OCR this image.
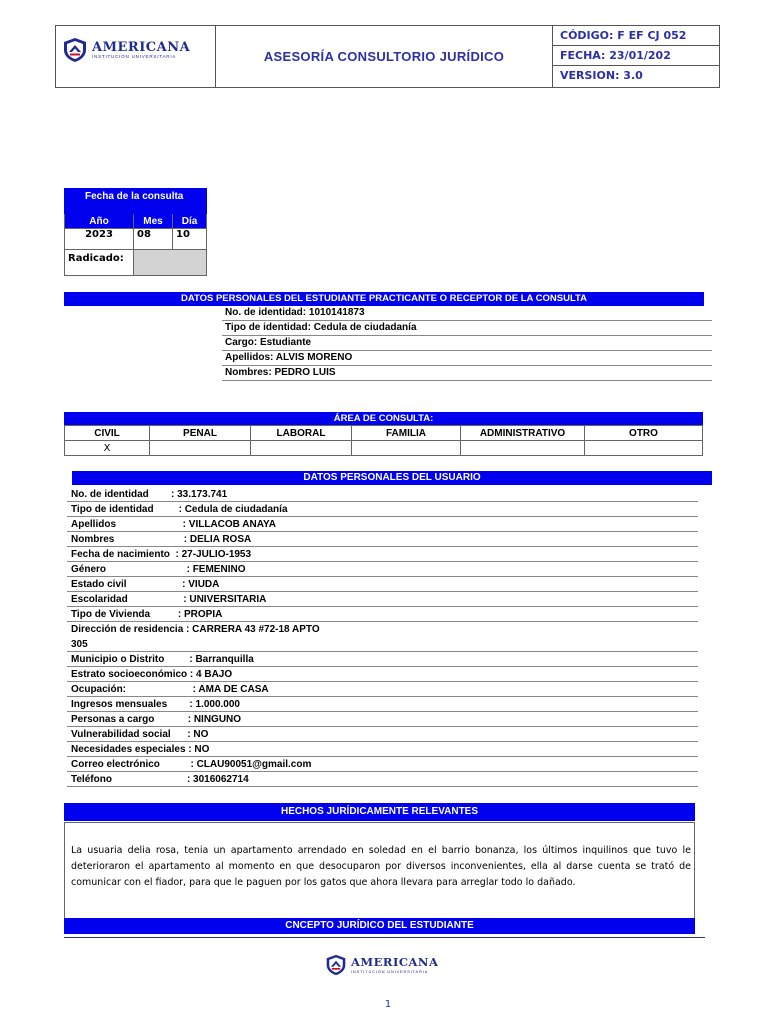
AMERICANA
INSTITUCIÓN UNIVERSITARIA	ASESORÍA CONSULTORIO JURÍDICO
CÓDIGO: F EF CJ 052
FECHA: 23/01/202
VERSION: 3.0
Fecha de la consulta		
Año	Mes	Día
2023	08	10
Radicado:		
DATOS PERSONALES DEL ESTUDIANTE PRACTICANTE O RECEPTOR DE LA CONSULTA
No. de identidad: 1010141873
Tipo de identidad: Cedula de ciudadanía
Cargo: Estudiante
Apellidos: ALVIS MORENO
Nombres: PEDRO LUIS
ÁREA DE CONSULTA:
CIVIL	PENAL	LABORAL	FAMILIA	ADMINISTRATIVO	OTRO
X					
DATOS PERSONALES DEL USUARIO
No. de identidad        : 33.173.741
Tipo de identidad         : Cedula de ciudadanía
Apellidos                        : VILLACOB ANAYA
Nombres                         : DELIA ROSA
Fecha de nacimiento  : 27-JULIO-1953
Género                             : FEMENINO
Estado civil                    : VIUDA
Escolaridad                    : UNIVERSITARIA
Tipo de Vivienda          : PROPIA
Dirección de residencia : CARRERA 43 #72-18 APTO
305
Municipio o Distrito         : Barranquilla
Estrato socioeconómico : 4 BAJO
Ocupación:                        : AMA DE CASA
Ingresos mensuales        : 1.000.000
Personas a cargo            : NINGUNO
Vulnerabilidad social      : NO
Necesidades especiales : NO
Correo electrónico           : CLAU90051@gmail.com
Teléfono                           : 3016062714
HECHOS JURÍDICAMENTE RELEVANTES
La usuaria delia rosa, tenia un apartamento arrendado en soledad en el barrio bonanza, los últimos inquilinos que tuvo le deterioraron el apartamento al momento en que desocuparon por diversos inconvenientes, ella al darse cuenta se trató de comunicar con el fiador, para que le paguen por los gatos que ahora llevara para arreglar todo lo dañado.
CNCEPTO JURÍDICO DEL ESTUDIANTE
AMERICANA
INSTITUCIÓN UNIVERSITARIA
1
